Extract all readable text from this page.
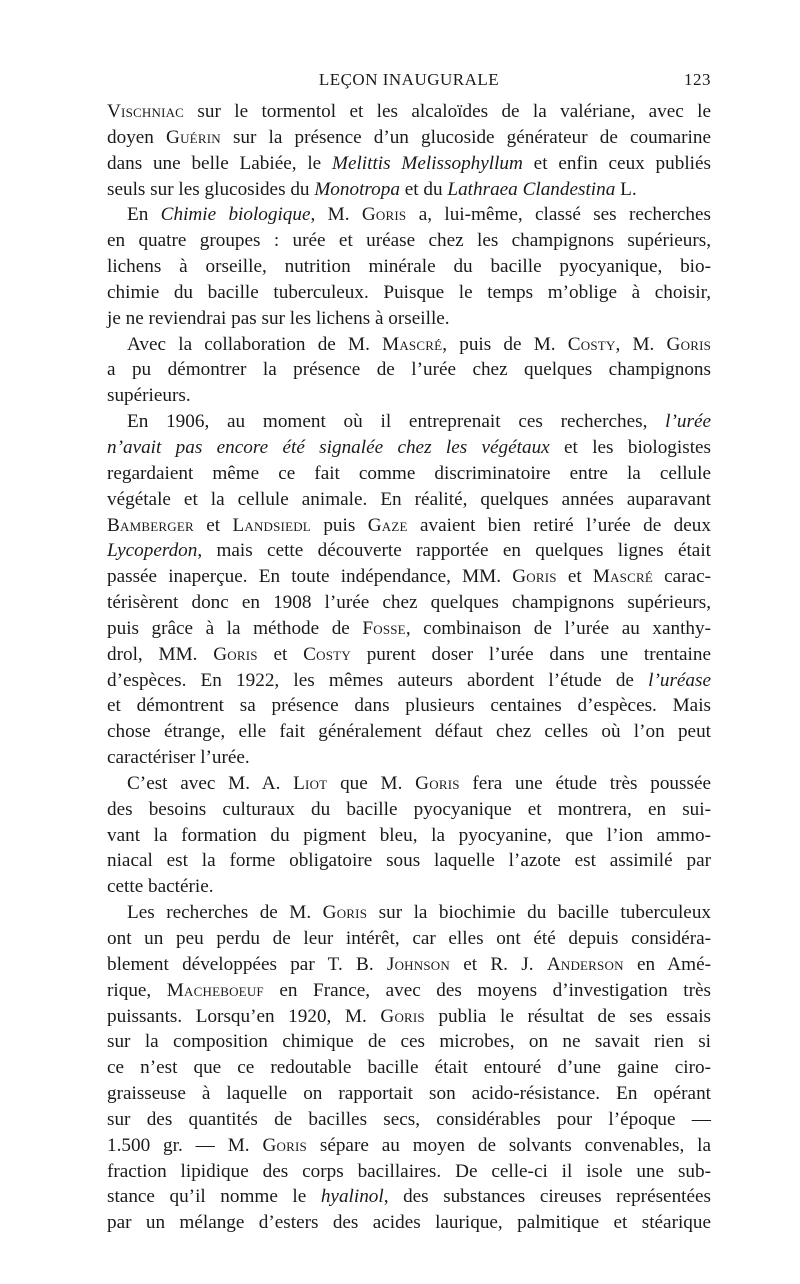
LEÇON INAUGURALE	123
Vischniac sur le tormentol et les alcaloïdes de la valériane, avec le
doyen Guérin sur la présence d’un glucoside générateur de coumarine
dans une belle Labiée, le Melittis Melissophyllum et enfin ceux publiés
seuls sur les glucosides du Monotropa et du Lathraea Clandestina L.
En Chimie biologique, M. Goris a, lui-même, classé ses recherches
en quatre groupes : urée et uréase chez les champignons supérieurs,
lichens à orseille, nutrition minérale du bacille pyocyanique, bio-
chimie du bacille tuberculeux. Puisque le temps m’oblige à choisir,
je ne reviendrai pas sur les lichens à orseille.
Avec la collaboration de M. Mascré, puis de M. Costy, M. Goris
a pu démontrer la présence de l’urée chez quelques champignons
supérieurs.
En 1906, au moment où il entreprenait ces recherches, l’urée
n’avait pas encore été signalée chez les végétaux et les biologistes
regardaient même ce fait comme discriminatoire entre la cellule
végétale et la cellule animale. En réalité, quelques années auparavant
Bamberger et Landsiedl puis Gaze avaient bien retiré l’urée de deux
Lycoperdon, mais cette découverte rapportée en quelques lignes était
passée inaperçue. En toute indépendance, MM. Goris et Mascré carac-
térisèrent donc en 1908 l’urée chez quelques champignons supérieurs,
puis grâce à la méthode de Fosse, combinaison de l’urée au xanthy-
drol, MM. Goris et Costy purent doser l’urée dans une trentaine
d’espèces. En 1922, les mêmes auteurs abordent l’étude de l’uréase
et démontrent sa présence dans plusieurs centaines d’espèces. Mais
chose étrange, elle fait généralement défaut chez celles où l’on peut
caractériser l’urée.
C’est avec M. A. Liot que M. Goris fera une étude très poussée
des besoins culturaux du bacille pyocyanique et montrera, en sui-
vant la formation du pigment bleu, la pyocyanine, que l’ion ammo-
niacal est la forme obligatoire sous laquelle l’azote est assimilé par
cette bactérie.
Les recherches de M. Goris sur la biochimie du bacille tuberculeux
ont un peu perdu de leur intérêt, car elles ont été depuis considéra-
blement développées par T. B. Johnson et R. J. Anderson en Amé-
rique, Macheboeuf en France, avec des moyens d’investigation très
puissants. Lorsqu’en 1920, M. Goris publia le résultat de ses essais
sur la composition chimique de ces microbes, on ne savait rien si
ce n’est que ce redoutable bacille était entouré d’une gaine ciro-
graisseuse à laquelle on rapportait son acido-résistance. En opérant
sur des quantités de bacilles secs, considérables pour l’époque —
1.500 gr. — M. Goris sépare au moyen de solvants convenables, la
fraction lipidique des corps bacillaires. De celle-ci il isole une sub-
stance qu’il nomme le hyalinol, des substances cireuses représentées
par un mélange d’esters des acides laurique, palmitique et stéarique
